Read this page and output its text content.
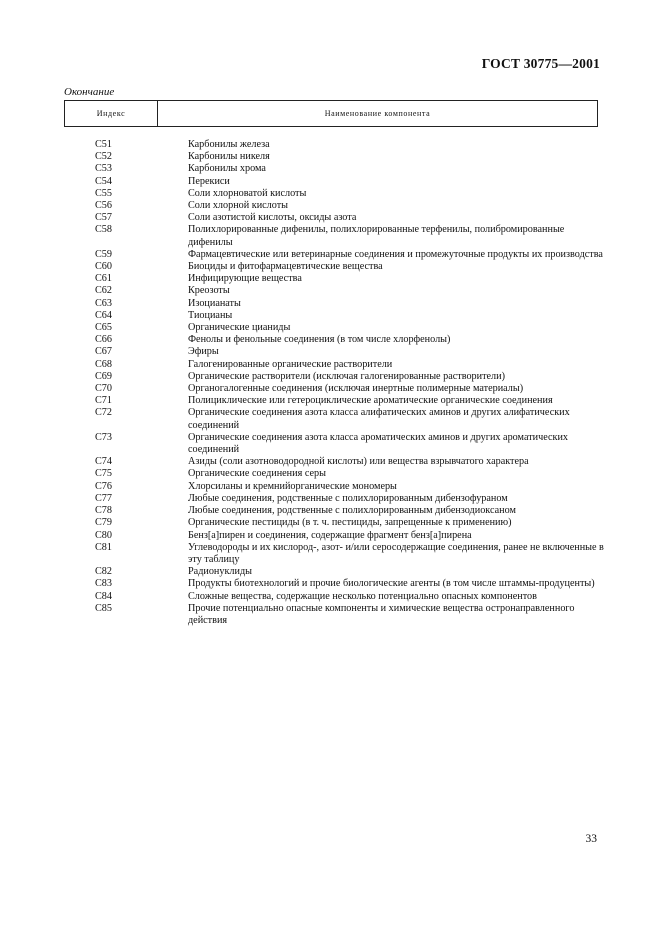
ГОСТ 30775—2001
Окончание
Индекс	Наименование компонента
C51	Карбонилы железа
C52	Карбонилы никеля
C53	Карбонилы хрома
C54	Перекиси
C55	Соли хлорноватой кислоты
C56	Соли хлорной кислоты
C57	Соли азотистой кислоты, оксиды азота
C58	Полихлорированные дифенилы, полихлорированные терфенилы, полибромированные дифенилы
C59	Фармацевтические или ветеринарные соединения и промежуточные продукты их производства
C60	Биоциды и фитофармацевтические вещества
C61	Инфицирующие вещества
C62	Креозоты
C63	Изоцианаты
C64	Тиоцианы
C65	Органические цианиды
C66	Фенолы и фенольные соединения (в том числе хлорфенолы)
C67	Эфиры
C68	Галогенированные органические растворители
C69	Органические растворители (исключая галогенированные растворители)
C70	Органогалогенные соединения (исключая инертные полимерные материалы)
C71	Полициклические или гетероциклические ароматические органические соединения
C72	Органические соединения азота класса алифатических аминов и других алифатических соединений
C73	Органические соединения азота класса ароматических аминов и других ароматических соединений
C74	Азиды (соли азотноводородной кислоты) или вещества взрывчатого характера
C75	Органические соединения серы
C76	Хлорсиланы и кремнийорганические мономеры
C77	Любые соединения, родственные с полихлорированным дибензофураном
C78	Любые соединения, родственные с полихлорированным дибензодиоксаном
C79	Органические пестициды (в т. ч. пестициды, запрещенные к применению)
C80	Бенз[а]пирен и соединения, содержащие фрагмент бенз[а]пирена
C81	Углеводороды и их кислород-, азот- и/или серосодержащие соединения, ранее не включенные в эту таблицу
C82	Радионуклиды
C83	Продукты биотехнологий и прочие биологические агенты (в том числе штаммы-продуценты)
C84	Сложные вещества, содержащие несколько потенциально опасных компонентов
C85	Прочие потенциально опасные компоненты и химические вещества остронаправленного действия
33
